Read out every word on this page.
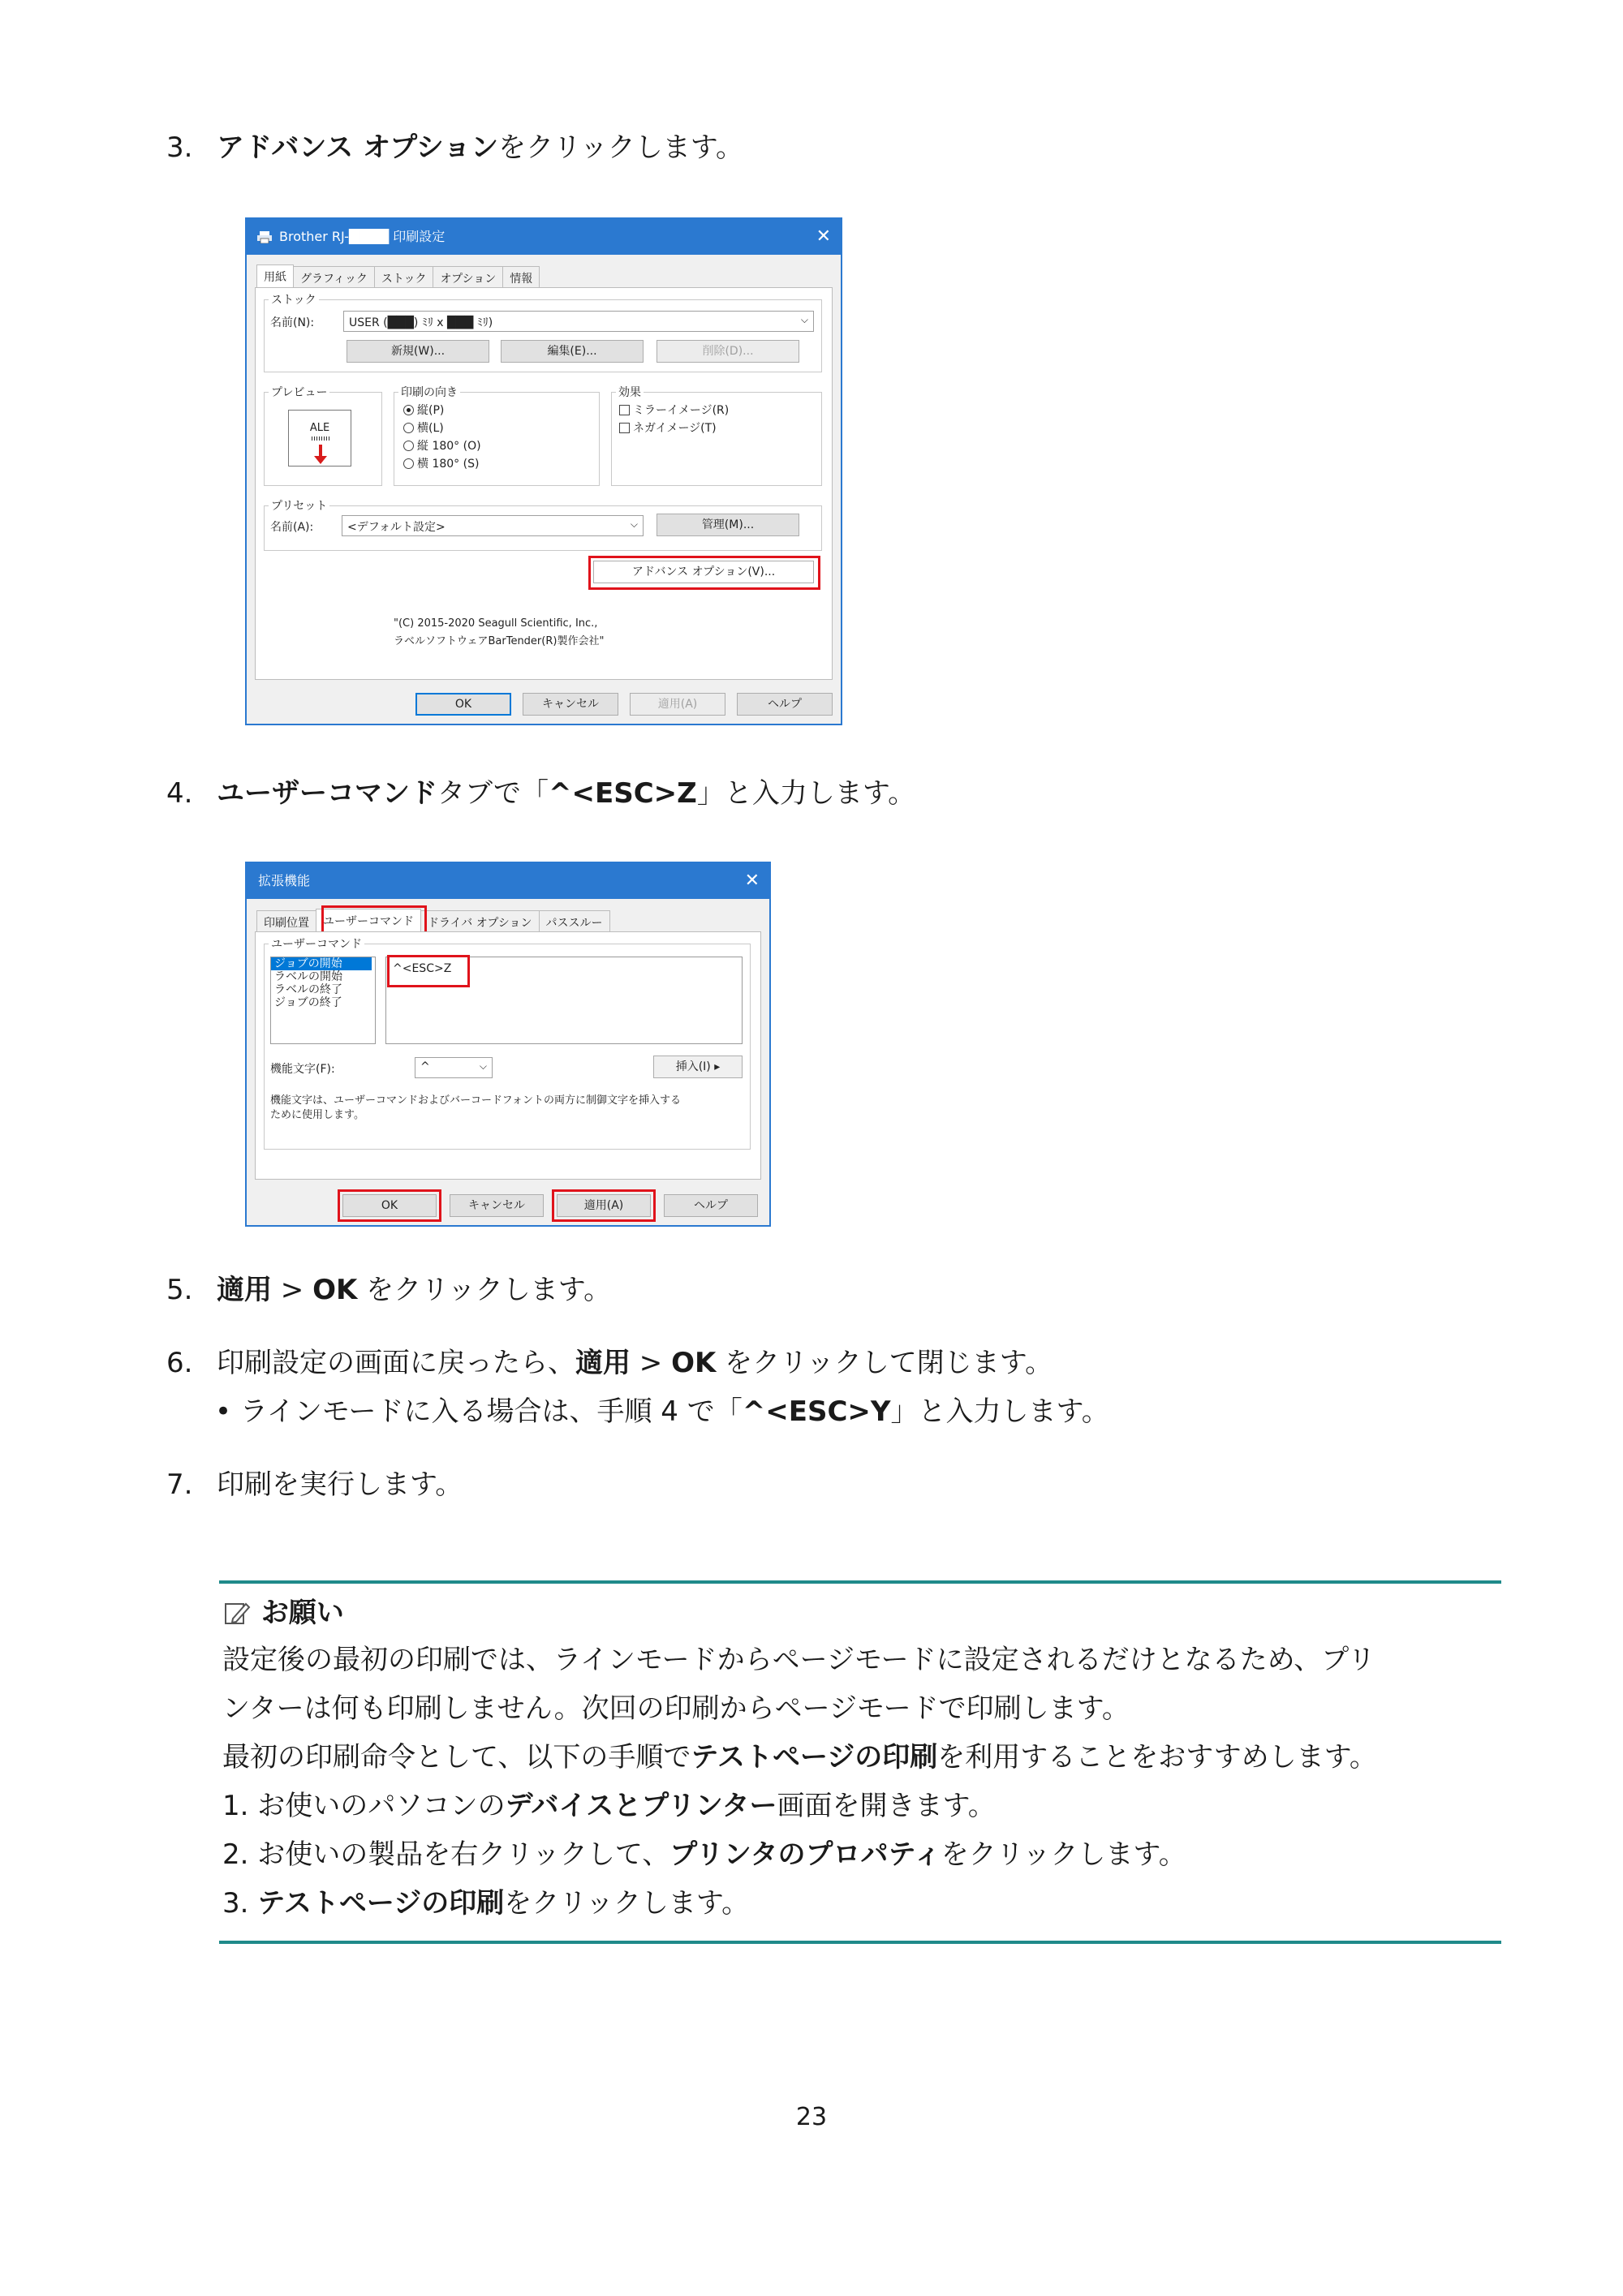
3. アドバンス オプションをクリックします。
Brother RJ-████ 印刷設定	✕
用紙	グラフィック	ストック	オプション	情報
ストック
名前(N):	USER (███) ﾐﾘ x ███ ﾐﾘ)	⌵
新規(W)...	編集(E)...	削除(D)...
プレビュー
ALE
印刷の向き
縦(P)
横(L)
縦 180° (O)
横 180° (S)
効果
ミラーイメージ(R)
ネガイメージ(T)
プリセット
名前(A):	<デフォルト設定>	⌵	管理(M)...
アドバンス オプション(V)...
"(C) 2015-2020 Seagull Scientific, Inc.,
ラベルソフトウェアBarTender(R)製作会社"
OK	キャンセル	適用(A)	ヘルプ
4. ユーザーコマンドタブで「^<ESC>Z」と入力します。
拡張機能	✕
印刷位置	ユーザーコマンド	ドライバ オプション	パススルー
ユーザーコマンド
ジョブの開始
ラベルの開始
ラベルの終了
ジョブの終了
^<ESC>Z
機能文字(F):	^	⌵	挿入(I) ▸
機能文字は、ユーザーコマンドおよびバーコードフォントの両方に制御文字を挿入する
ために使用します。
OK	キャンセル	適用(A)	ヘルプ
5. 適用 > OK をクリックします。
6. 印刷設定の画面に戻ったら、適用 > OK をクリックして閉じます。
• ラインモードに入る場合は、手順 4 で「^<ESC>Y」と入力します。
7. 印刷を実行します。
お願い
設定後の最初の印刷では、ラインモードからページモードに設定されるだけとなるため、プリ
ンターは何も印刷しません。次回の印刷からページモードで印刷します。
最初の印刷命令として、以下の手順でテストページの印刷を利用することをおすすめします。
1. お使いのパソコンのデバイスとプリンター画面を開きます。
2. お使いの製品を右クリックして、プリンタのプロパティをクリックします。
3. テストページの印刷をクリックします。
23
